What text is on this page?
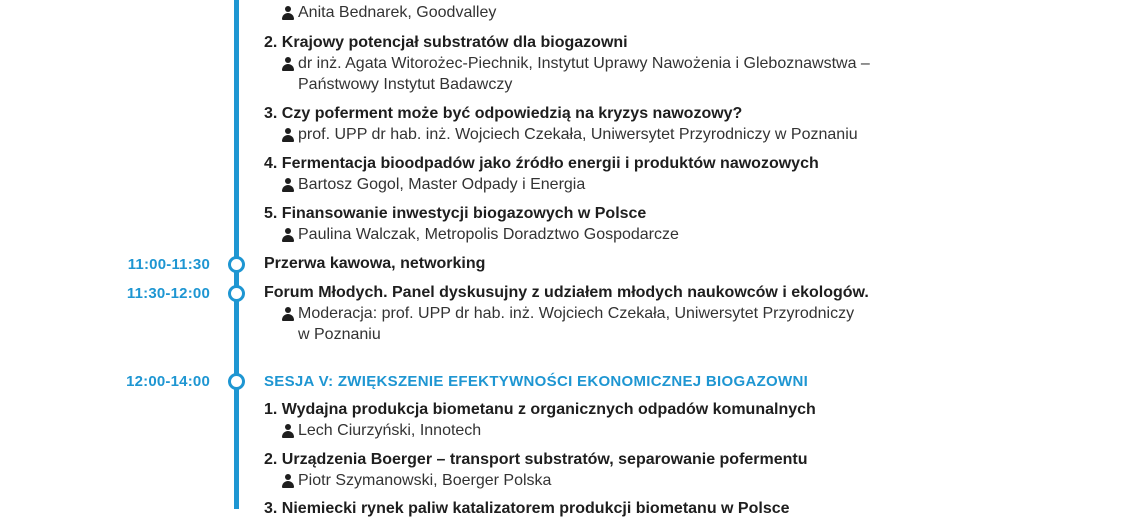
Anita Bednarek, Goodvalley
2. Krajowy potencjał substratów dla biogazowni
dr inż. Agata Witorożec-Piechnik, Instytut Uprawy Nawożenia i Gleboznawstwa –
Państwowy Instytut Badawczy
3. Czy poferment może być odpowiedzią na kryzys nawozowy?
prof. UPP dr hab. inż. Wojciech Czekała, Uniwersytet Przyrodniczy w Poznaniu
4. Fermentacja bioodpadów jako źródło energii i produktów nawozowych
Bartosz Gogol, Master Odpady i Energia
5. Finansowanie inwestycji biogazowych w Polsce
Paulina Walczak, Metropolis Doradztwo Gospodarcze
11:00-11:30	Przerwa kawowa, networking
11:30-12:00	Forum Młodych. Panel dyskusujny z udziałem młodych naukowców i ekologów.
Moderacja: prof. UPP dr hab. inż. Wojciech Czekała, Uniwersytet Przyrodniczy
w Poznaniu
12:00-14:00	SESJA V: ZWIĘKSZENIE EFEKTYWNOŚCI EKONOMICZNEJ BIOGAZOWNI
1. Wydajna produkcja biometanu z organicznych odpadów komunalnych
Lech Ciurzyński, Innotech
2. Urządzenia Boerger – transport substratów, separowanie pofermentu
Piotr Szymanowski, Boerger Polska
3. Niemiecki rynek paliw katalizatorem produkcji biometanu w Polsce
